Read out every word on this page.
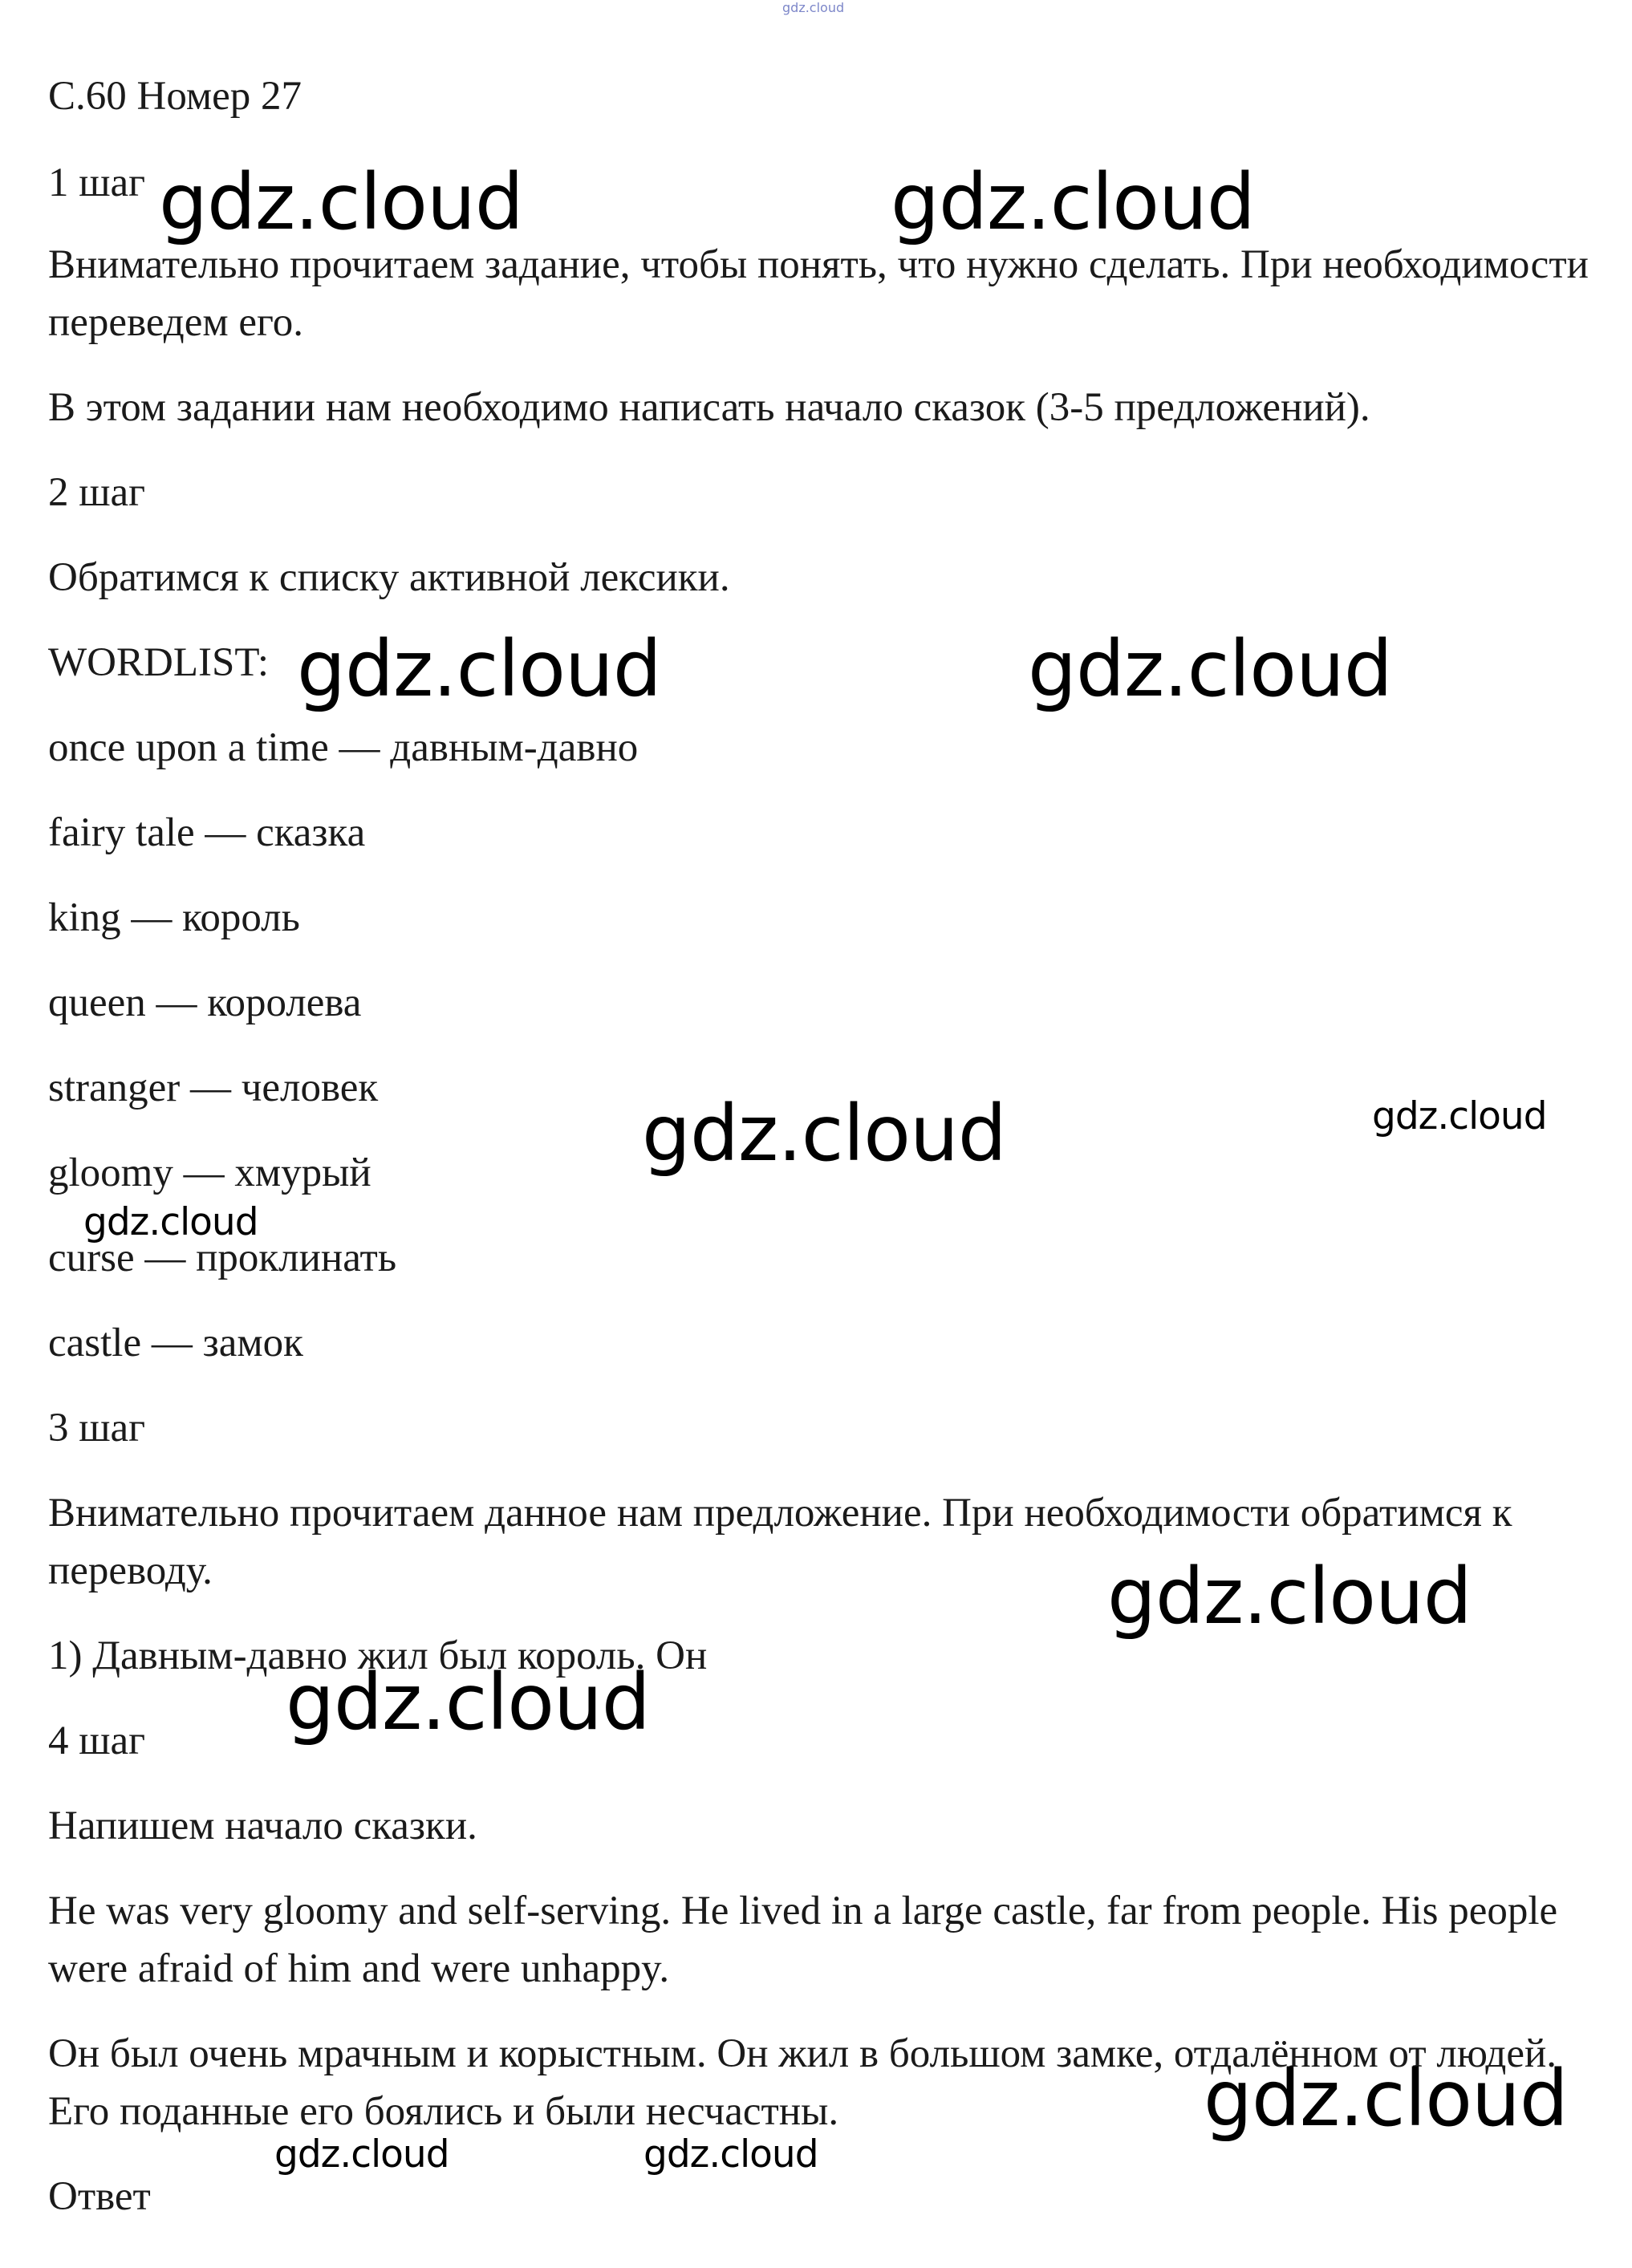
gdz.cloud

С.60 Номер 27

1 шаг

Внимательно прочитаем задание, чтобы понять, что нужно сделать. При необходимости переведем его.

В этом задании нам необходимо написать начало сказок (3-5 предложений).

2 шаг

Обратимся к списку активной лексики.

WORDLIST:

once upon a time — давным-давно

fairy tale — сказка

king — король

queen — королева

stranger — человек

gloomy — хмурый

curse — проклинать

castle — замок

3 шаг

Внимательно прочитаем данное нам предложение. При необходимости обратимся к переводу.

1) Давным-давно жил был король. Он

4 шаг

Напишем начало сказки.

He was very gloomy and self-serving. He lived in a large castle, far from people. His people were afraid of him and were unhappy.

Он был очень мрачным и корыстным. Он жил в большом замке, отдалённом от людей. Его поданные его боялись и были несчастны.

Ответ

gdz.cloud	gdz.cloud
gdz.cloud	gdz.cloud
gdz.cloud	gdz.cloud
gdz.cloud
gdz.cloud
gdz.cloud
gdz.cloud
gdz.cloud	gdz.cloud
